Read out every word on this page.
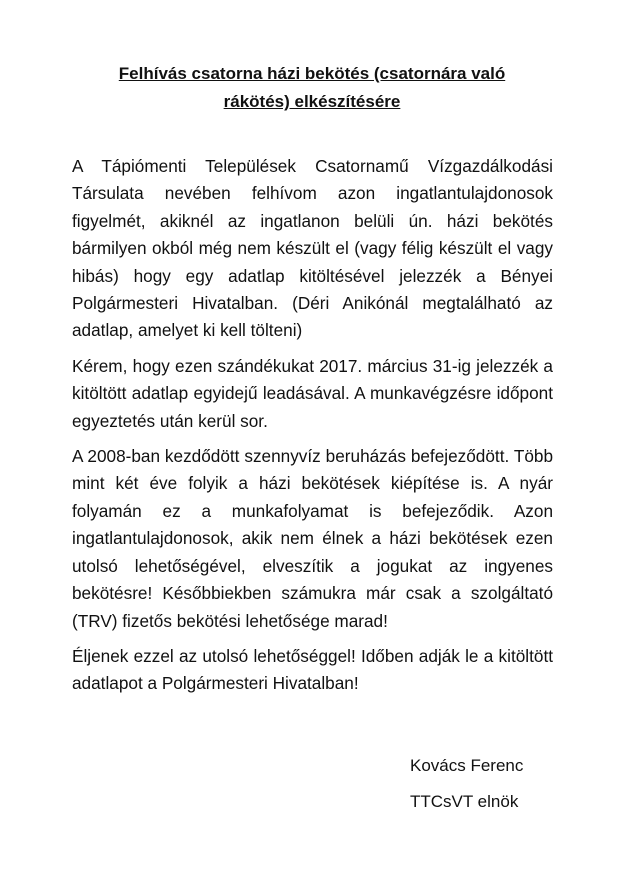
Felhívás csatorna házi bekötés (csatornára való
rákötés) elkészítésére

A Tápiómenti Települések Csatornamű Vízgazdálkodási Társulata nevében felhívom azon ingatlantulajdonosok figyelmét, akiknél az ingatlanon belüli ún. házi bekötés bármilyen okból még nem készült el (vagy félig készült el vagy hibás) hogy egy adatlap kitöltésével jelezzék a Bényei Polgármesteri Hivatalban. (Déri Anikónál megtalálható az adatlap, amelyet ki kell tölteni)

Kérem, hogy ezen szándékukat 2017. március 31-ig jelezzék a kitöltött adatlap egyidejű leadásával. A munkavégzésre időpont egyeztetés után kerül sor.

A 2008-ban kezdődött szennyvíz beruházás befejeződött. Több mint két éve folyik a házi bekötések kiépítése is. A nyár folyamán ez a munkafolyamat is befejeződik. Azon ingatlantulajdonosok, akik nem élnek a házi bekötések ezen utolsó lehetőségével, elveszítik a jogukat az ingyenes bekötésre! Későbbiekben számukra már csak a szolgáltató (TRV) fizetős bekötési lehetősége marad!

Éljenek ezzel az utolsó lehetőséggel! Időben adják le a kitöltött adatlapot a Polgármesteri Hivatalban!

Kovács Ferenc
TTCsVT elnök
